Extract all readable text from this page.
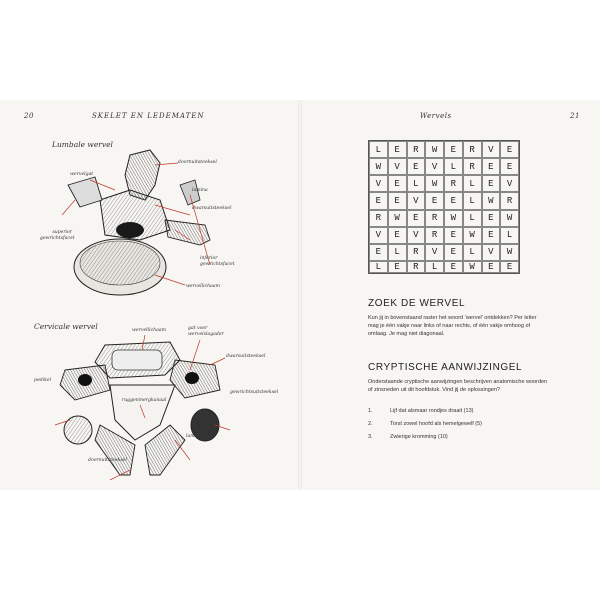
20	SKELET EN LEDEMATEN	Wervels	21
Lumbale wervel
doornuitsteeksel
wervelgat
lamina
dwarsuitsteeksel
superior gewrichtsfacet
inferior gewrichtsfacet
wervellichaam
Cervicale wervel	wervellichaam	gat voor wervelslagader
dwarsuitsteeksel
pedikel
ruggenmergkanaal
gewrichtsuitsteeksel
lamina
doornuitsteeksel
L	E	R	W	E	R	V	E
W	V	E	V	L	R	E	E
V	E	L	W	R	L	E	V
E	E	V	E	E	L	W	R
R	W	E	R	W	L	E	W
V	E	V	R	E	W	E	L
E	L	R	V	E	L	V	W
L	E	R	L	E	W	E	E
ZOEK DE WERVEL
Kun jij in bovenstaand raster het woord ‘wervel’ ontdekken? Per letter mag je één vakje naar links of naar rechts, of één vakje omhoog of omlaag. Je mag niet diagonaal.
CRYPTISCHE AANWIJZINGEL
Onderstaande cryptische aanwijzingen beschrijven anatomische woorden of zinsneden uit dit hoofdstuk. Vind jij de oplossingen?
1.	Lijf dat alsmaar rondjes draait (13)
2.	Torst zowel hoofd als hemelgewelf (5)
3.	Zwierige kromming (10)
